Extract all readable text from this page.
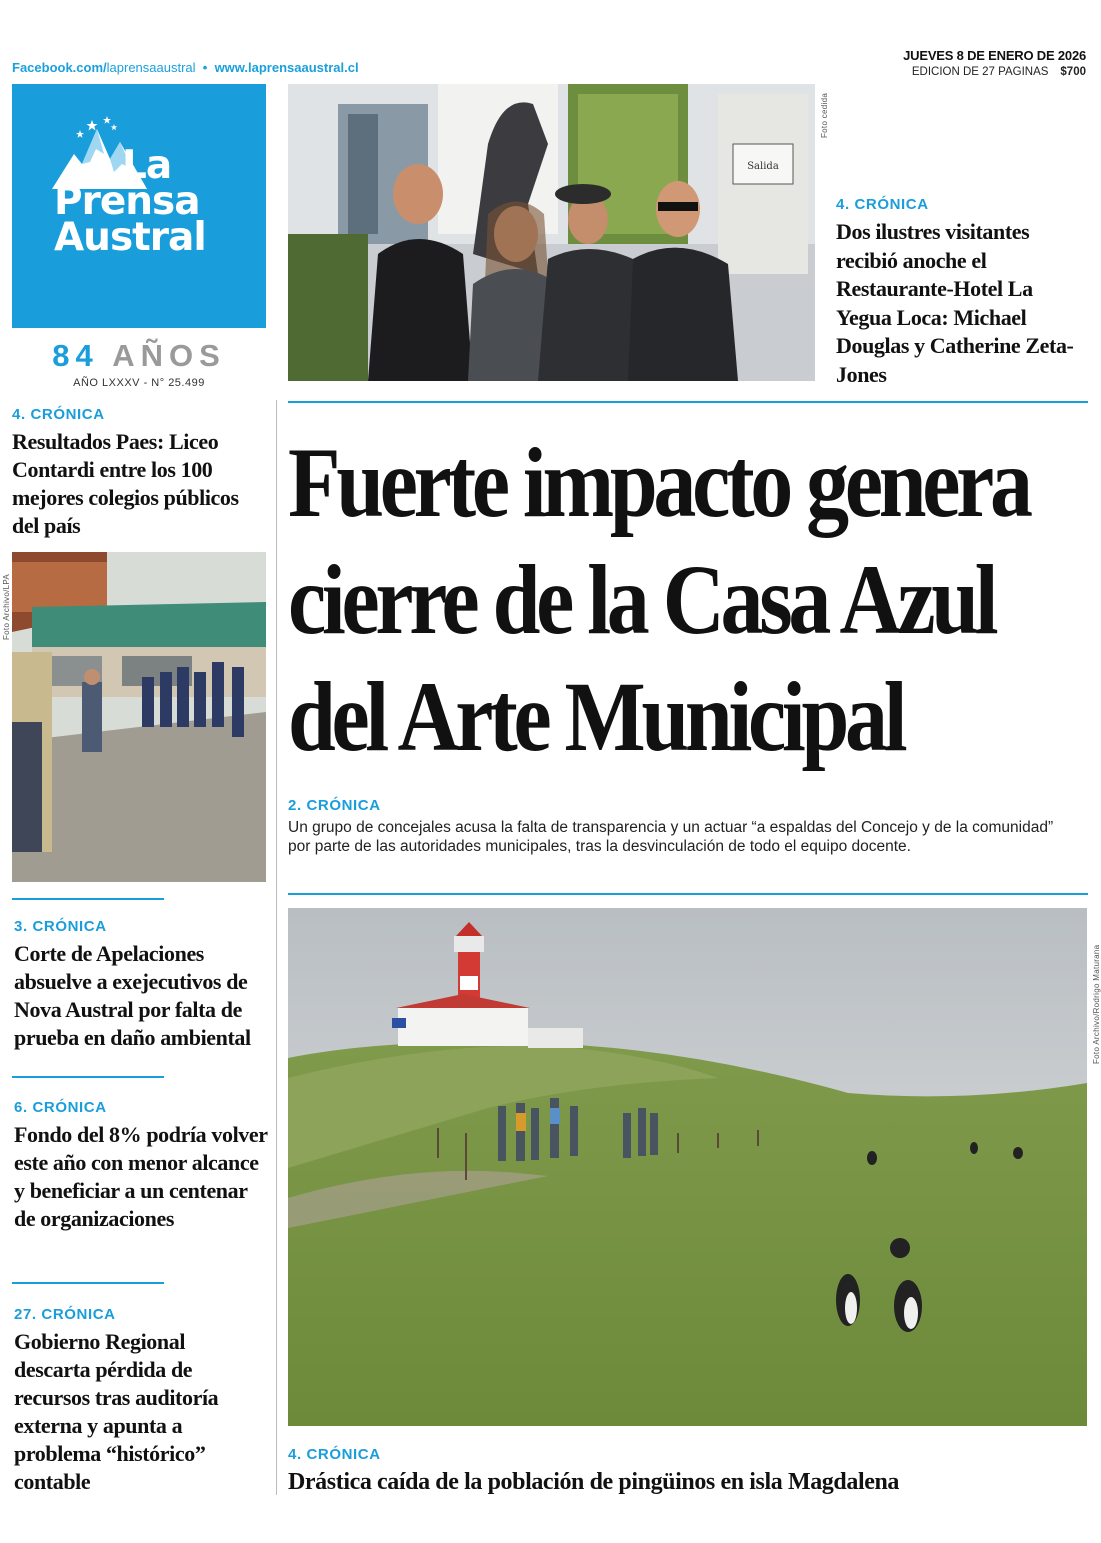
Facebook.com/laprensaaustral • www.laprensaaustral.cl
JUEVES 8 DE ENERO DE 2026
EDICION DE 27 PAGINAS $700
La
Prensa
Austral
84 AÑOS
AÑO LXXXV - N° 25.499
Salida
Foto cedida
4. CRÓNICA
Dos ilustres visitantes recibió anoche el Restaurante-Hotel La Yegua Loca: Michael Douglas y Catherine Zeta-Jones
Fuerte impacto genera
cierre de la Casa Azul
del Arte Municipal
2. CRÓNICA
Un grupo de concejales acusa la falta de transparencia y un actuar “a espaldas del Concejo y de la comunidad” por parte de las autoridades municipales, tras la desvinculación de todo el equipo docente.
Foto Archivo/Rodrigo Maturana
4. CRÓNICA
Drástica caída de la población de pingüinos en isla Magdalena
4. CRÓNICA
Resultados Paes: Liceo Contardi entre los 100 mejores colegios públicos del país
Foto Archivo/LPA
3. CRÓNICA
Corte de Apelaciones absuelve a exejecutivos de Nova Austral por falta de prueba en daño ambiental
6. CRÓNICA
Fondo del 8% podría volver este año con menor alcance y beneficiar a un centenar de organizaciones
27. CRÓNICA
Gobierno Regional descarta pérdida de recursos tras auditoría externa y apunta a problema “histórico” contable
